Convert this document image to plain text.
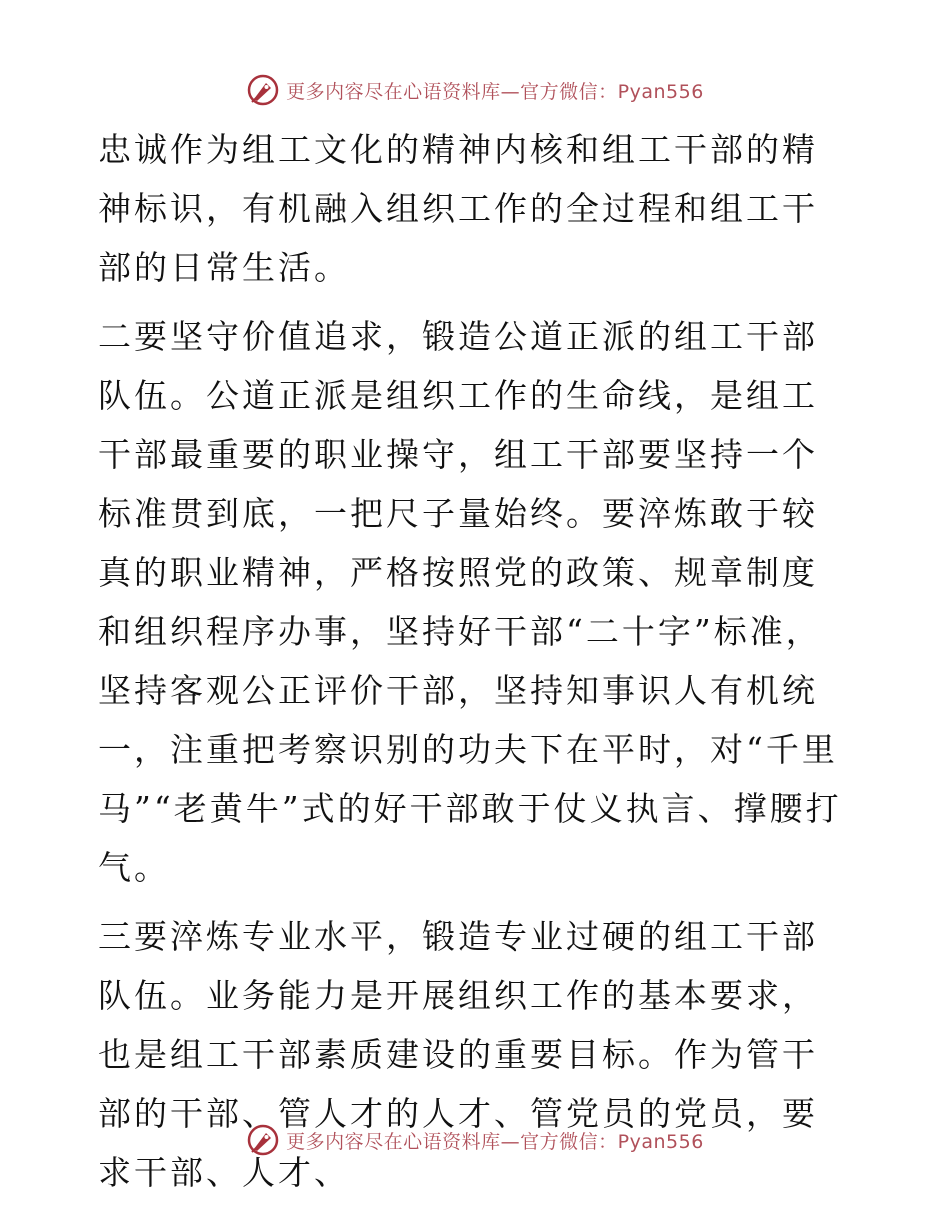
更多内容尽在心语资料库—官方微信：Pyan556

忠诚作为组工文化的精神内核和组工干部的精神标识，有机融入组织工作的全过程和组工干部的日常生活。

二要坚守价值追求，锻造公道正派的组工干部队伍。公道正派是组织工作的生命线，是组工干部最重要的职业操守，组工干部要坚持一个标准贯到底，一把尺子量始终。要淬炼敢于较真的职业精神，严格按照党的政策、规章制度和组织程序办事，坚持好干部“二十字”标准，坚持客观公正评价干部，坚持知事识人有机统一，注重把考察识别的功夫下在平时，对“千里马”“老黄牛”式的好干部敢于仗义执言、撑腰打气。

三要淬炼专业水平，锻造专业过硬的组工干部队伍。业务能力是开展组织工作的基本要求，也是组工干部素质建设的重要目标。作为管干部的干部、管人才的人才、管党员的党员，要求干部、人才、

更多内容尽在心语资料库—官方微信：Pyan556
